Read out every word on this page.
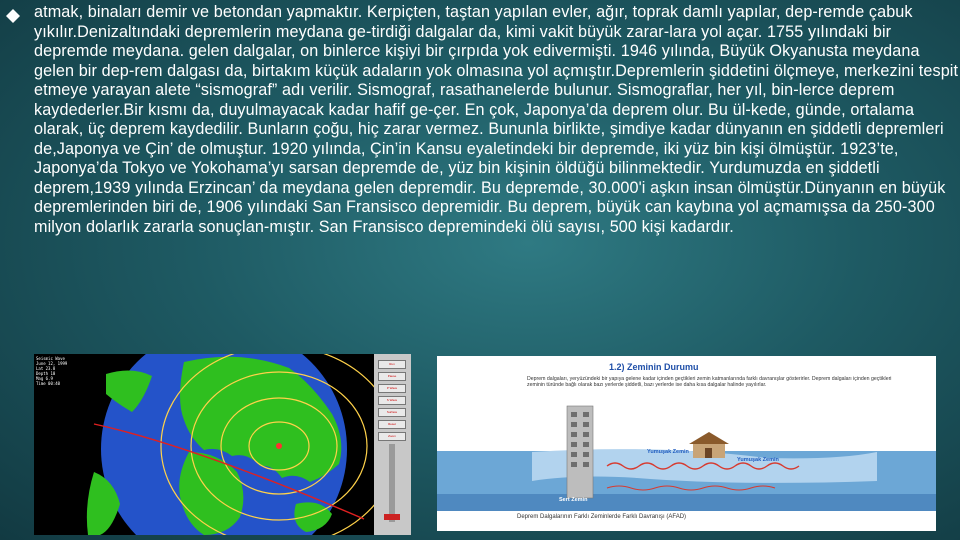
atmak, binaları demir ve betondan yapmaktır. Kerpiçten, taştan yapılan evler, ağır, toprak damlı yapılar, dep-remde çabuk yıkılır.Denizaltındaki depremlerin meydana ge-tirdiği dalgalar da, kimi vakit büyük zarar-lara yol açar. 1755 yılındaki bir depremde meydana. gelen dalgalar, on binlerce kişiyi bir çırpıda yok edivermişti. 1946 yılında, Büyük Okyanusta meydana gelen bir dep-rem dalgası da, birtakım küçük adaların yok olmasına yol açmıştır.Depremlerin şiddetini ölçmeye, merkezini tespit etmeye yarayan alete “sismograf” adı verilir. Sismograf, rasathanelerde bulunur. Sismograflar, her yıl, bin-lerce deprem kaydederler.Bir kısmı da, duyulmayacak kadar hafif ge-çer. En çok, Japonya’da deprem olur. Bu ül-kede, günde, ortalama olarak, üç deprem kaydedilir. Bunların çoğu, hiç zarar vermez. Bununla birlikte, şimdiye kadar dünyanın en şiddetli depremleri de,Japonya ve Çin’ de olmuştur. 1920 yılında, Çin’in Kansu eyaletindeki bir depremde, iki yüz bin kişi ölmüştür. 1923’te, Japonya’da Tokyo ve Yokohama’yı sarsan depremde de, yüz bin kişinin öldüğü bilinmektedir. Yurdumuzda en şiddetli deprem,1939 yılında Erzincan’ da meydana gelen depremdir. Bu depremde, 30.000'i aşkın insan ölmüştür.Dünyanın en büyük depremlerinden biri de, 1906 yılındaki San Fransisco depremidir. Bu deprem, büyük can kaybına yol açmamışsa da 250-300 milyon dolarlık zararla sonuçlan-mıştır. San Fransisco depremindeki ölü sayısı, 500 kişi kadardır.

Seismic Wave
June 12, 1999
Lat 23.8
Depth 10
Mag 6.9
Time 00:40
Run
Pause
P Wave
S Wave
Surface
Reset
Zoom
1.2) Zeminin Durumu
Deprem dalgaları, yeryüzündeki bir yapıya gelene kadar içinden geçtikleri zemin katmanlarında farklı davranışlar gösterirler. Deprem dalgaları içinden geçtikleri zeminin türünde bağlı olarak bazı yerlerde şiddetli, bazı yerlerde ise daha kısa dalgalar halinde yayılırlar.
Yumuşak Zemin
Yumuşak Zemin
Sert Zemin
Deprem Dalgalarının Farklı Zeminlerde Farklı Davranışı (AFAD)
